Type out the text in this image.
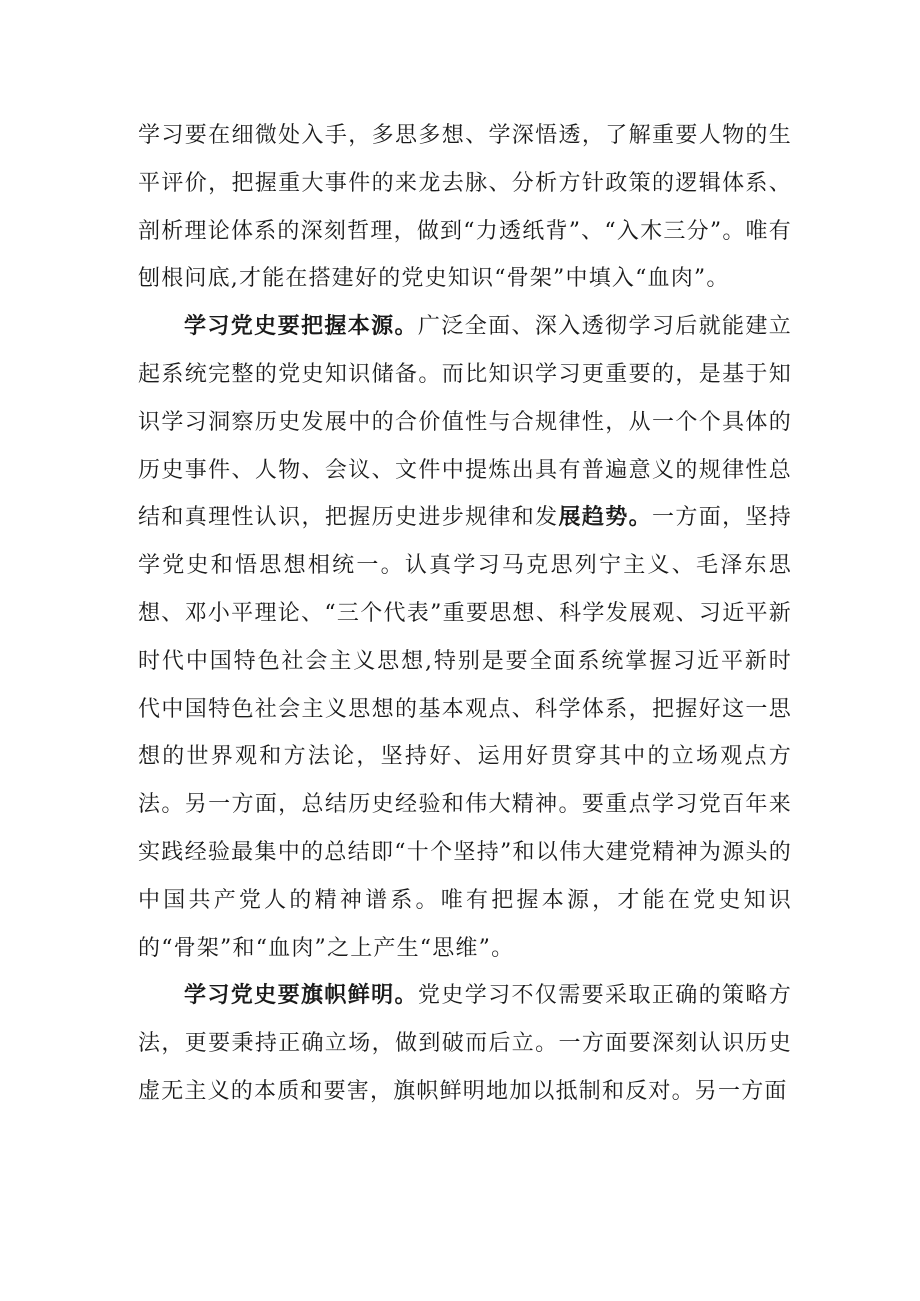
学习要在细微处入手，多思多想、学深悟透，了解重要人物的生平评价，把握重大事件的来龙去脉、分析方针政策的逻辑体系、剖析理论体系的深刻哲理，做到“力透纸背”、“入木三分”。唯有刨根问底,才能在搭建好的党史知识“骨架”中填入“血肉”。

学习党史要把握本源。广泛全面、深入透彻学习后就能建立起系统完整的党史知识储备。而比知识学习更重要的，是基于知识学习洞察历史发展中的合价值性与合规律性，从一个个具体的历史事件、人物、会议、文件中提炼出具有普遍意义的规律性总结和真理性认识，把握历史进步规律和发展趋势。一方面，坚持学党史和悟思想相统一。认真学习马克思列宁主义、毛泽东思想、邓小平理论、“三个代表”重要思想、科学发展观、习近平新时代中国特色社会主义思想,特别是要全面系统掌握习近平新时代中国特色社会主义思想的基本观点、科学体系，把握好这一思想的世界观和方法论，坚持好、运用好贯穿其中的立场观点方法。另一方面，总结历史经验和伟大精神。要重点学习党百年来实践经验最集中的总结即“十个坚持”和以伟大建党精神为源头的中国共产党人的精神谱系。唯有把握本源，才能在党史知识的“骨架”和“血肉”之上产生“思维”。

学习党史要旗帜鲜明。党史学习不仅需要采取正确的策略方法，更要秉持正确立场，做到破而后立。一方面要深刻认识历史虚无主义的本质和要害，旗帜鲜明地加以抵制和反对。另一方面
